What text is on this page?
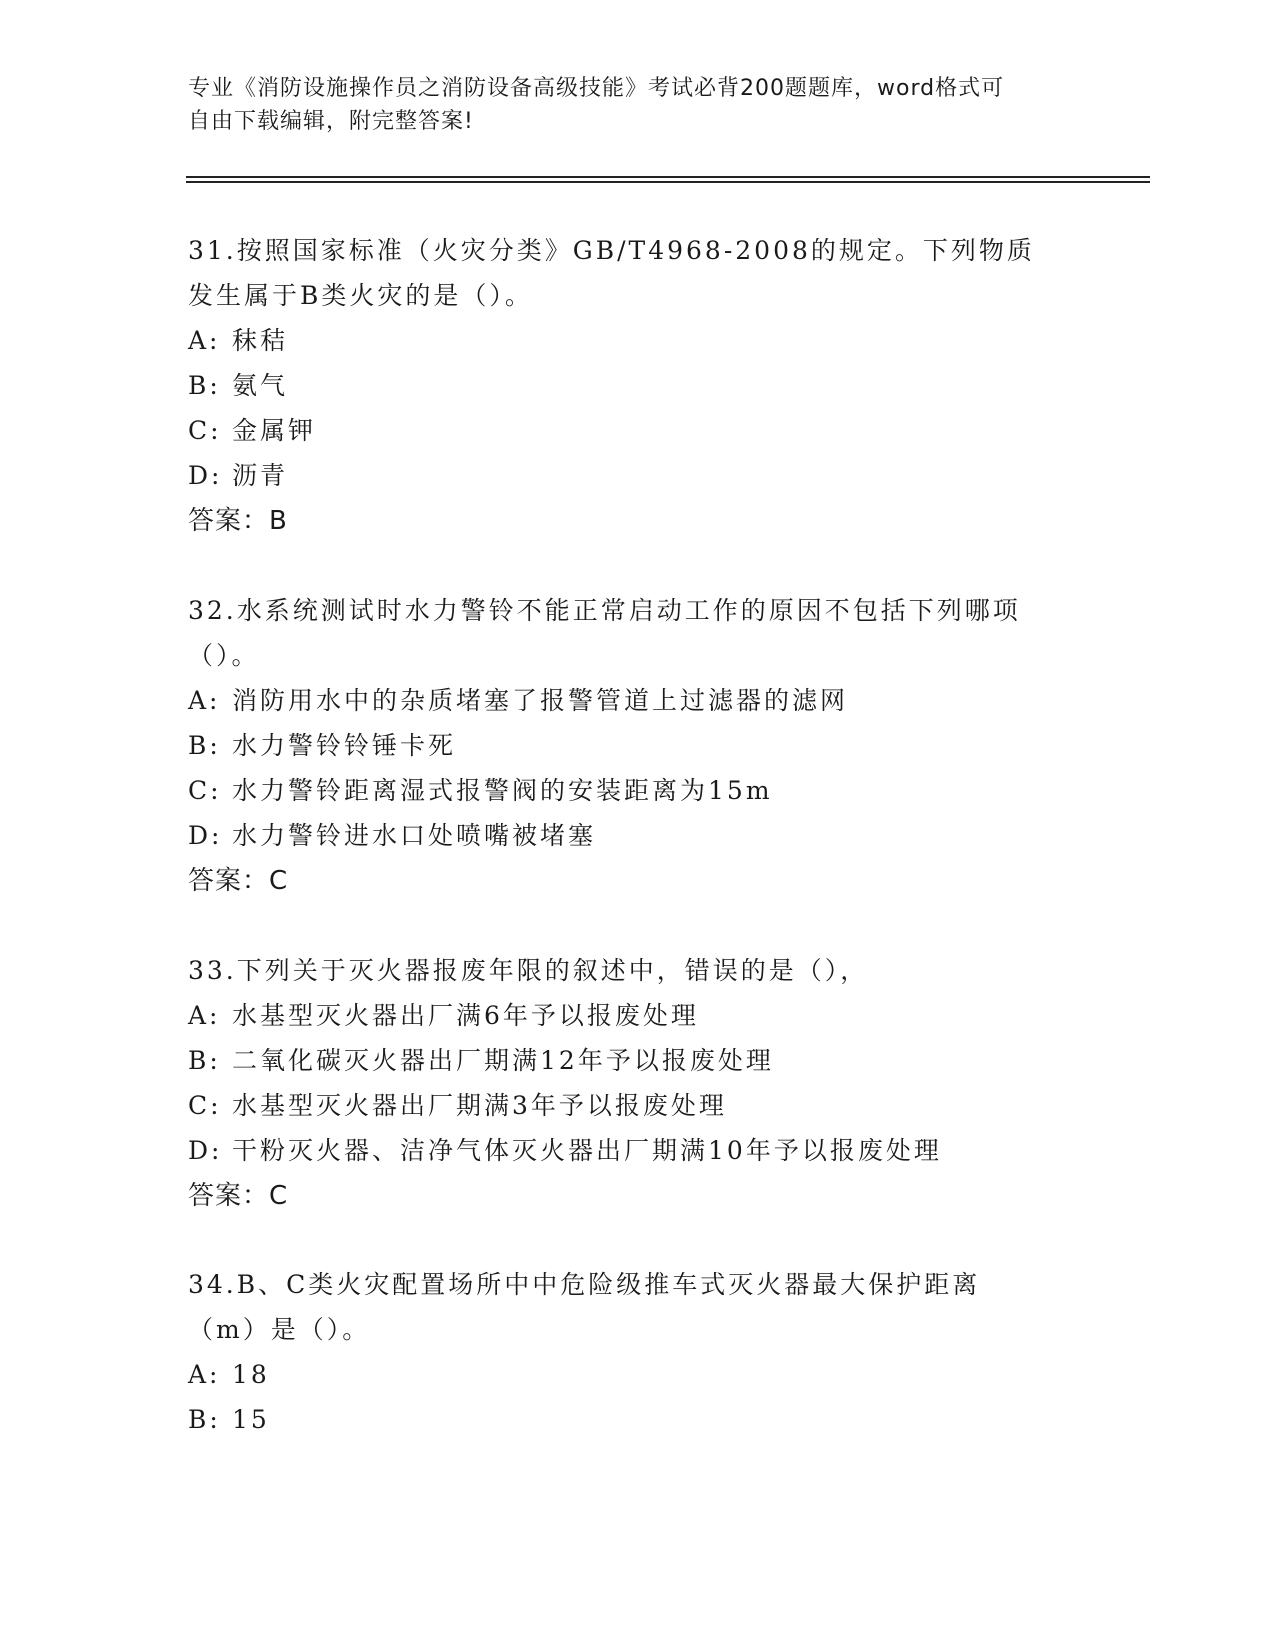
专业《消防设施操作员之消防设备高级技能》考试必背200题题库，word格式可
自由下载编辑，附完整答案!
31.按照国家标准（火灾分类》GB/T4968-2008的规定。下列物质发生属于B类火灾的是（）。
A: 秣秸
B: 氨气
C: 金属钾
D: 沥青
答案：B
32.水系统测试时水力警铃不能正常启动工作的原因不包括下列哪项（）。
A: 消防用水中的杂质堵塞了报警管道上过滤器的滤网
B: 水力警铃铃锤卡死
C: 水力警铃距离湿式报警阀的安装距离为15m
D: 水力警铃进水口处喷嘴被堵塞
答案：C
33.下列关于灭火器报废年限的叙述中，错误的是（），
A: 水基型灭火器出厂满6年予以报废处理
B: 二氧化碳灭火器出厂期满12年予以报废处理
C: 水基型灭火器出厂期满3年予以报废处理
D: 干粉灭火器、洁净气体灭火器出厂期满10年予以报废处理
答案：C
34.B、C类火灾配置场所中中危险级推车式灭火器最大保护距离（m）是（）。
A: 18
B: 15
